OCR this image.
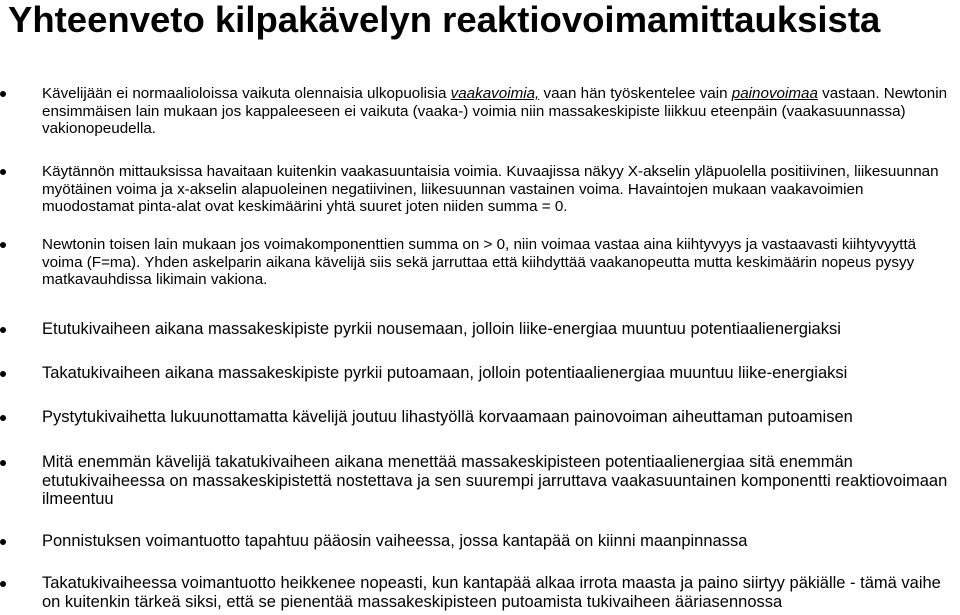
Yhteenveto kilpakävelyn reaktiovoimamittauksista

Kävelijään ei normaalioloissa vaikuta olennaisia ulkopuolisia vaakavoimia, vaan hän työskentelee vain painovoimaa vastaan. Newtonin ensimmäisen lain mukaan jos kappaleeseen ei vaikuta (vaaka-) voimia niin massakeskipiste liikkuu eteenpäin (vaakasuunnassa) vakionopeudella.

Käytännön mittauksissa havaitaan kuitenkin vaakasuuntaisia voimia. Kuvaajissa näkyy X-akselin yläpuolella positiivinen, liikesuunnan myötäinen voima ja x-akselin alapuoleinen negatiivinen, liikesuunnan vastainen voima. Havaintojen mukaan vaakavoimien muodostamat pinta-alat ovat keskimäärini yhtä suuret joten niiden summa = 0.

Newtonin toisen lain mukaan jos voimakomponenttien summa on > 0, niin voimaa vastaa aina kiihtyvyys ja vastaavasti kiihtyvyyttä voima (F=ma). Yhden askelparin aikana kävelijä siis sekä jarruttaa että kiihdyttää vaakanopeutta mutta keskimäärin nopeus pysyy matkavauhdissa likimain vakiona.

Etutukivaiheen aikana massakeskipiste pyrkii nousemaan, jolloin liike-energiaa muuntuu potentiaalienergiaksi

Takatukivaiheen aikana massakeskipiste pyrkii putoamaan, jolloin potentiaalienergiaa muuntuu liike-energiaksi

Pystytukivaihetta lukuunottamatta kävelijä joutuu lihastyöllä korvaamaan painovoiman aiheuttaman putoamisen

Mitä enemmän kävelijä takatukivaiheen aikana menettää massakeskipisteen potentiaalienergiaa sitä enemmän etutukivaiheessa on massakeskipistettä nostettava ja sen suurempi jarruttava vaakasuuntainen komponentti reaktiovoimaan ilmeentuu

Ponnistuksen voimantuotto tapahtuu pääosin vaiheessa, jossa kantapää on kiinni maanpinnassa

Takatukivaiheessa voimantuotto heikkenee nopeasti, kun kantapää alkaa irrota maasta ja paino siirtyy päkiälle - tämä vaihe on kuitenkin tärkeä siksi, että se pienentää massakeskipisteen putoamista tukivaiheen ääriasennossa
